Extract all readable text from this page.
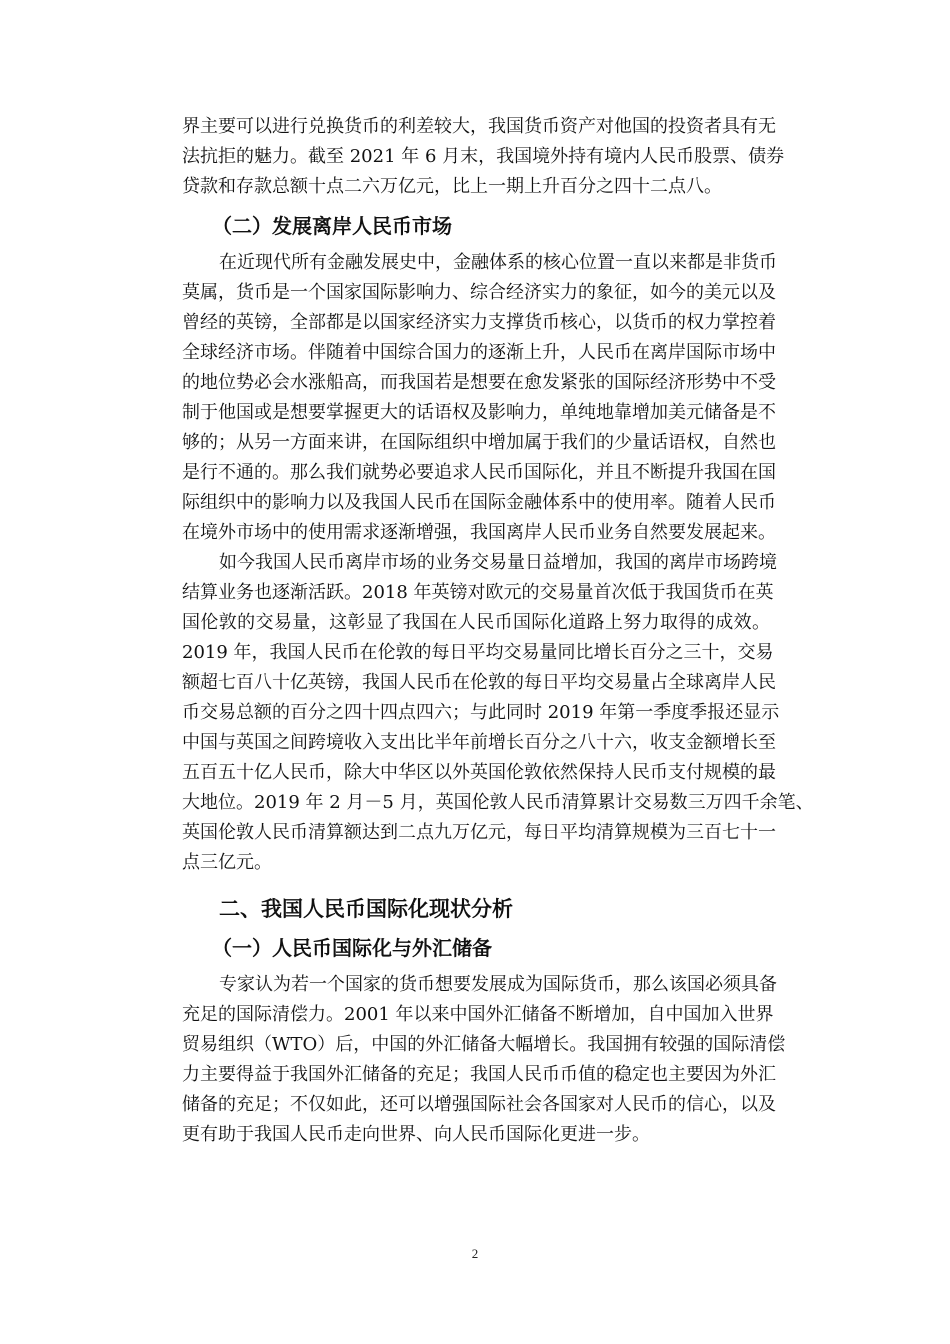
界主要可以进行兑换货币的利差较大，我国货币资产对他国的投资者具有无
法抗拒的魅力。截至 2021 年 6 月末，我国境外持有境内人民币股票、债券
贷款和存款总额十点二六万亿元，比上一期上升百分之四十二点八。
（二）发展离岸人民币市场
在近现代所有金融发展史中，金融体系的核心位置一直以来都是非货币
莫属，货币是一个国家国际影响力、综合经济实力的象征，如今的美元以及
曾经的英镑，全部都是以国家经济实力支撑货币核心，以货币的权力掌控着
全球经济市场。伴随着中国综合国力的逐渐上升，人民币在离岸国际市场中
的地位势必会水涨船高，而我国若是想要在愈发紧张的国际经济形势中不受
制于他国或是想要掌握更大的话语权及影响力，单纯地靠增加美元储备是不
够的；从另一方面来讲，在国际组织中增加属于我们的少量话语权，自然也
是行不通的。那么我们就势必要追求人民币国际化，并且不断提升我国在国
际组织中的影响力以及我国人民币在国际金融体系中的使用率。随着人民币
在境外市场中的使用需求逐渐增强，我国离岸人民币业务自然要发展起来。
如今我国人民币离岸市场的业务交易量日益增加，我国的离岸市场跨境
结算业务也逐渐活跃。2018 年英镑对欧元的交易量首次低于我国货币在英
国伦敦的交易量，这彰显了我国在人民币国际化道路上努力取得的成效。
2019 年，我国人民币在伦敦的每日平均交易量同比增长百分之三十，交易
额超七百八十亿英镑，我国人民币在伦敦的每日平均交易量占全球离岸人民
币交易总额的百分之四十四点四六；与此同时 2019 年第一季度季报还显示
中国与英国之间跨境收入支出比半年前增长百分之八十六，收支金额增长至
五百五十亿人民币，除大中华区以外英国伦敦依然保持人民币支付规模的最
大地位。2019 年 2 月－5 月，英国伦敦人民币清算累计交易数三万四千余笔、
英国伦敦人民币清算额达到二点九万亿元，每日平均清算规模为三百七十一
点三亿元。
二、我国人民币国际化现状分析
（一）人民币国际化与外汇储备
专家认为若一个国家的货币想要发展成为国际货币，那么该国必须具备
充足的国际清偿力。2001 年以来中国外汇储备不断增加，自中国加入世界
贸易组织（WTO）后，中国的外汇储备大幅增长。我国拥有较强的国际清偿
力主要得益于我国外汇储备的充足；我国人民币币值的稳定也主要因为外汇
储备的充足；不仅如此，还可以增强国际社会各国家对人民币的信心，以及
更有助于我国人民币走向世界、向人民币国际化更进一步。
2
